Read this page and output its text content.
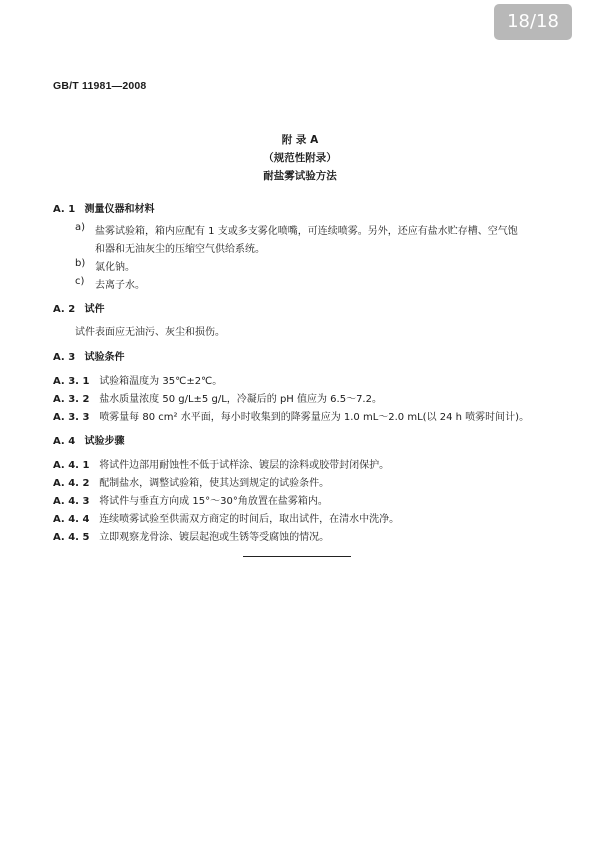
18/18
GB/T 11981—2008
附 录 A
（规范性附录）
耐盐雾试验方法
A. 1 测量仪器和材料
a) 盐雾试验箱，箱内应配有 1 支或多支雾化喷嘴，可连续喷雾。另外，还应有盐水贮存槽、空气饱
和器和无油灰尘的压缩空气供给系统。
b) 氯化钠。
c) 去离子水。
A. 2 试件
试件表面应无油污、灰尘和损伤。
A. 3 试验条件
A. 3. 1 试验箱温度为 35℃±2℃。
A. 3. 2 盐水质量浓度 50 g/L±5 g/L，冷凝后的 pH 值应为 6.5～7.2。
A. 3. 3 喷雾量每 80 cm² 水平面，每小时收集到的降雾量应为 1.0 mL～2.0 mL(以 24 h 喷雾时间计)。
A. 4 试验步骤
A. 4. 1 将试件边部用耐蚀性不低于试样涂、镀层的涂料或胶带封闭保护。
A. 4. 2 配制盐水，调整试验箱，使其达到规定的试验条件。
A. 4. 3 将试件与垂直方向成 15°～30°角放置在盐雾箱内。
A. 4. 4 连续喷雾试验至供需双方商定的时间后，取出试件，在清水中洗净。
A. 4. 5 立即观察龙骨涂、镀层起泡或生锈等受腐蚀的情况。
